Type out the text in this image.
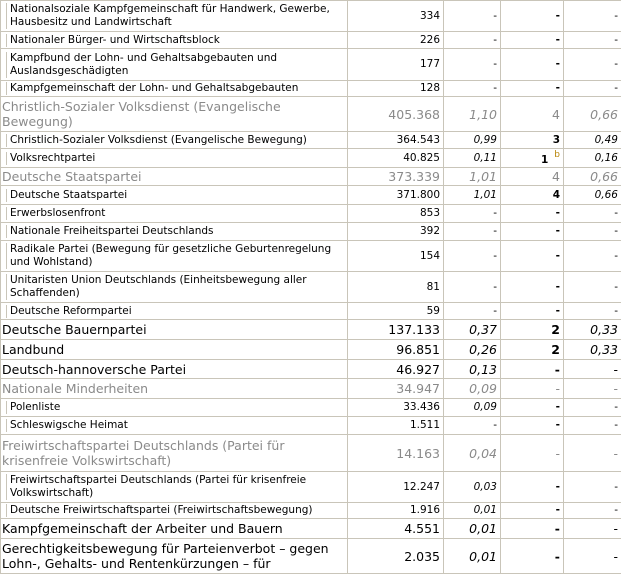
Nationalsoziale Kampfgemeinschaft für Handwerk, Gewerbe, Hausbesitz und Landwirtschaft	334	-	-	-

Nationaler Bürger- und Wirtschaftsblock	226	-	-	-

Kampfbund der Lohn- und Gehaltsabgebauten und Auslandsgeschädigten	177	-	-	-

Kampfgemeinschaft der Lohn- und Gehaltsabgebauten	128	-	-	-
Christlich-Sozialer Volksdienst (Evangelische Bewegung)	405.368	1,10	4	0,66

Christlich-Sozialer Volksdienst (Evangelische Bewegung)	364.543	0,99	3	0,49

Volksrechtpartei	40.825	0,11	1 $^b$	0,16
Deutsche Staatspartei	373.339	1,01	4	0,66

Deutsche Staatspartei	371.800	1,01	4	0,66

Erwerbslosenfront	853	-	-	-

Nationale Freiheitspartei Deutschlands	392	-	-	-

Radikale Partei (Bewegung für gesetzliche Geburtenregelung und Wohlstand)	154	-	-	-

Unitaristen Union Deutschlands (Einheitsbewegung aller Schaffenden)	81	-	-	-

Deutsche Reformpartei	59	-	-	-
Deutsche Bauernpartei	137.133	0,37	2	0,33
Landbund	96.851	0,26	2	0,33
Deutsch-hannoversche Partei	46.927	0,13	-	-
Nationale Minderheiten	34.947	0,09	-	-

Polenliste	33.436	0,09	-	-

Schleswigsche Heimat	1.511	-	-	-
Freiwirtschaftspartei Deutschlands (Partei für krisenfreie Volkswirtschaft)	14.163	0,04	-	-

Freiwirtschaftspartei Deutschlands (Partei für krisenfreie Volkswirtschaft)	12.247	0,03	-	-

Deutsche Freiwirtschaftspartei (Freiwirtschaftsbewegung)	1.916	0,01	-	-
Kampfgemeinschaft der Arbeiter und Bauern	4.551	0,01	-	-
Gerechtigkeitsbewegung für Parteienverbot – gegen Lohn-, Gehalts- und Rentenkürzungen – für	2.035	0,01	-	-
